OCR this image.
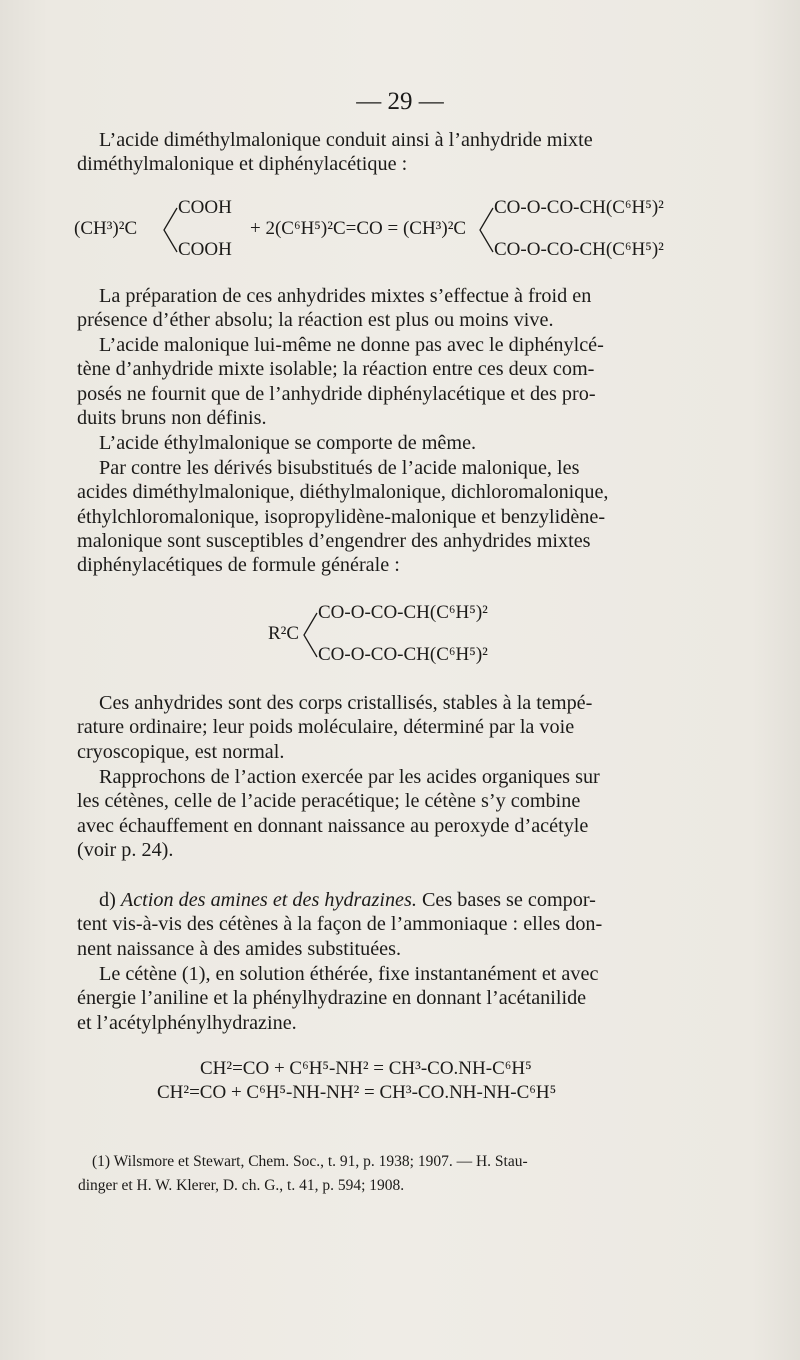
— 29 —

L’acide diméthylmalonique conduit ainsi à l’anhydride mixte

diméthylmalonique et diphénylacétique :

(CH³)²C
COOH
COOH
+ 2(C⁶H⁵)²C=CO = (CH³)²C
CO-O-CO-CH(C⁶H⁵)²
CO-O-CO-CH(C⁶H⁵)²

La préparation de ces anhydrides mixtes s’effectue à froid en

présence d’éther absolu; la réaction est plus ou moins vive.

L’acide malonique lui-même ne donne pas avec le diphénylcé-

tène d’anhydride mixte isolable; la réaction entre ces deux com-

posés ne fournit que de l’anhydride diphénylacétique et des pro-

duits bruns non définis.

L’acide éthylmalonique se comporte de même.

Par contre les dérivés bisubstitués de l’acide malonique, les

acides diméthylmalonique, diéthylmalonique, dichloromalonique,

éthylchloromalonique, isopropylidène-malonique et benzylidène-

malonique sont susceptibles d’engendrer des anhydrides mixtes

diphénylacétiques de formule générale :

R²C
CO-O-CO-CH(C⁶H⁵)²
CO-O-CO-CH(C⁶H⁵)²

Ces anhydrides sont des corps cristallisés, stables à la tempé-

rature ordinaire; leur poids moléculaire, déterminé par la voie

cryoscopique, est normal.

Rapprochons de l’action exercée par les acides organiques sur

les cétènes, celle de l’acide peracétique; le cétène s’y combine

avec échauffement en donnant naissance au peroxyde d’acétyle

(voir p. 24).

d) Action des amines et des hydrazines. Ces bases se compor-

tent vis-à-vis des cétènes à la façon de l’ammoniaque : elles don-

nent naissance à des amides substituées.

Le cétène (1), en solution éthérée, fixe instantanément et avec

énergie l’aniline et la phénylhydrazine en donnant l’acétanilide

et l’acétylphénylhydrazine.

CH²=CO + C⁶H⁵-NH² = CH³-CO.NH-C⁶H⁵
CH²=CO + C⁶H⁵-NH-NH² = CH³-CO.NH-NH-C⁶H⁵
(1) Wilsmore et Stewart, Chem. Soc., t. 91, p. 1938; 1907. — H. Stau-
dinger et H. W. Klerer, D. ch. G., t. 41, p. 594; 1908.
